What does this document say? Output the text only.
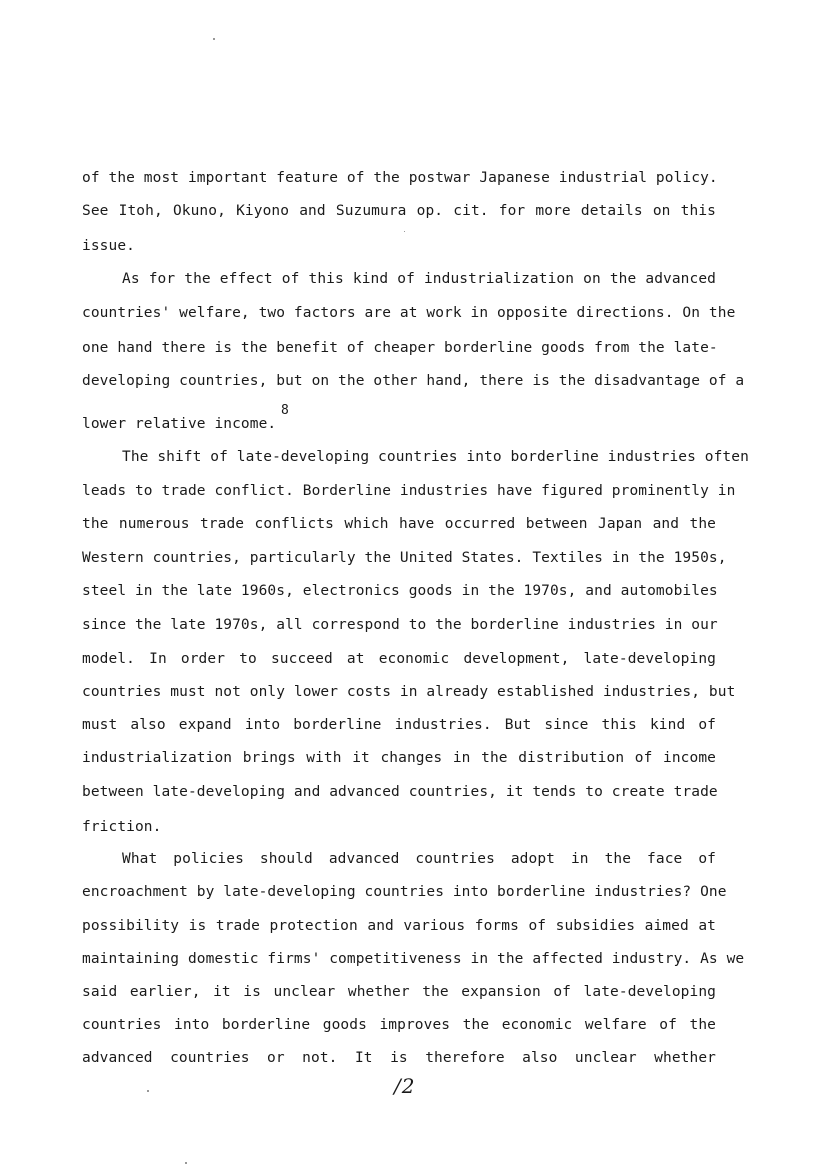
of the most important feature of the postwar Japanese industrial policy.
See Itoh, Okuno, Kiyono and Suzumura op. cit. for more details on this
issue.
As for the effect of this kind of industrialization on the advanced
countries' welfare, two factors are at work in opposite directions. On the
one hand there is the benefit of cheaper borderline goods from the late-
developing countries, but on the other hand, there is the disadvantage of a
lower relative income.
8
The shift of late-developing countries into borderline industries often
leads to trade conflict. Borderline industries have figured prominently in
the numerous trade conflicts which have occurred between Japan and the
Western countries, particularly the United States. Textiles in the 1950s,
steel in the late 1960s, electronics goods in the 1970s, and automobiles
since the late 1970s, all correspond to the borderline industries in our
model. In order to succeed at economic development, late-developing
countries must not only lower costs in already established industries, but
must also expand into borderline industries. But since this kind of
industrialization brings with it changes in the distribution of income
between late-developing and advanced countries, it tends to create trade
friction.
What policies should advanced countries adopt in the face of
encroachment by late-developing countries into borderline industries? One
possibility is trade protection and various forms of subsidies aimed at
maintaining domestic firms' competitiveness in the affected industry. As we
said earlier, it is unclear whether the expansion of late-developing
countries into borderline goods improves the economic welfare of the
advanced countries or not. It is therefore also unclear whether
/2
